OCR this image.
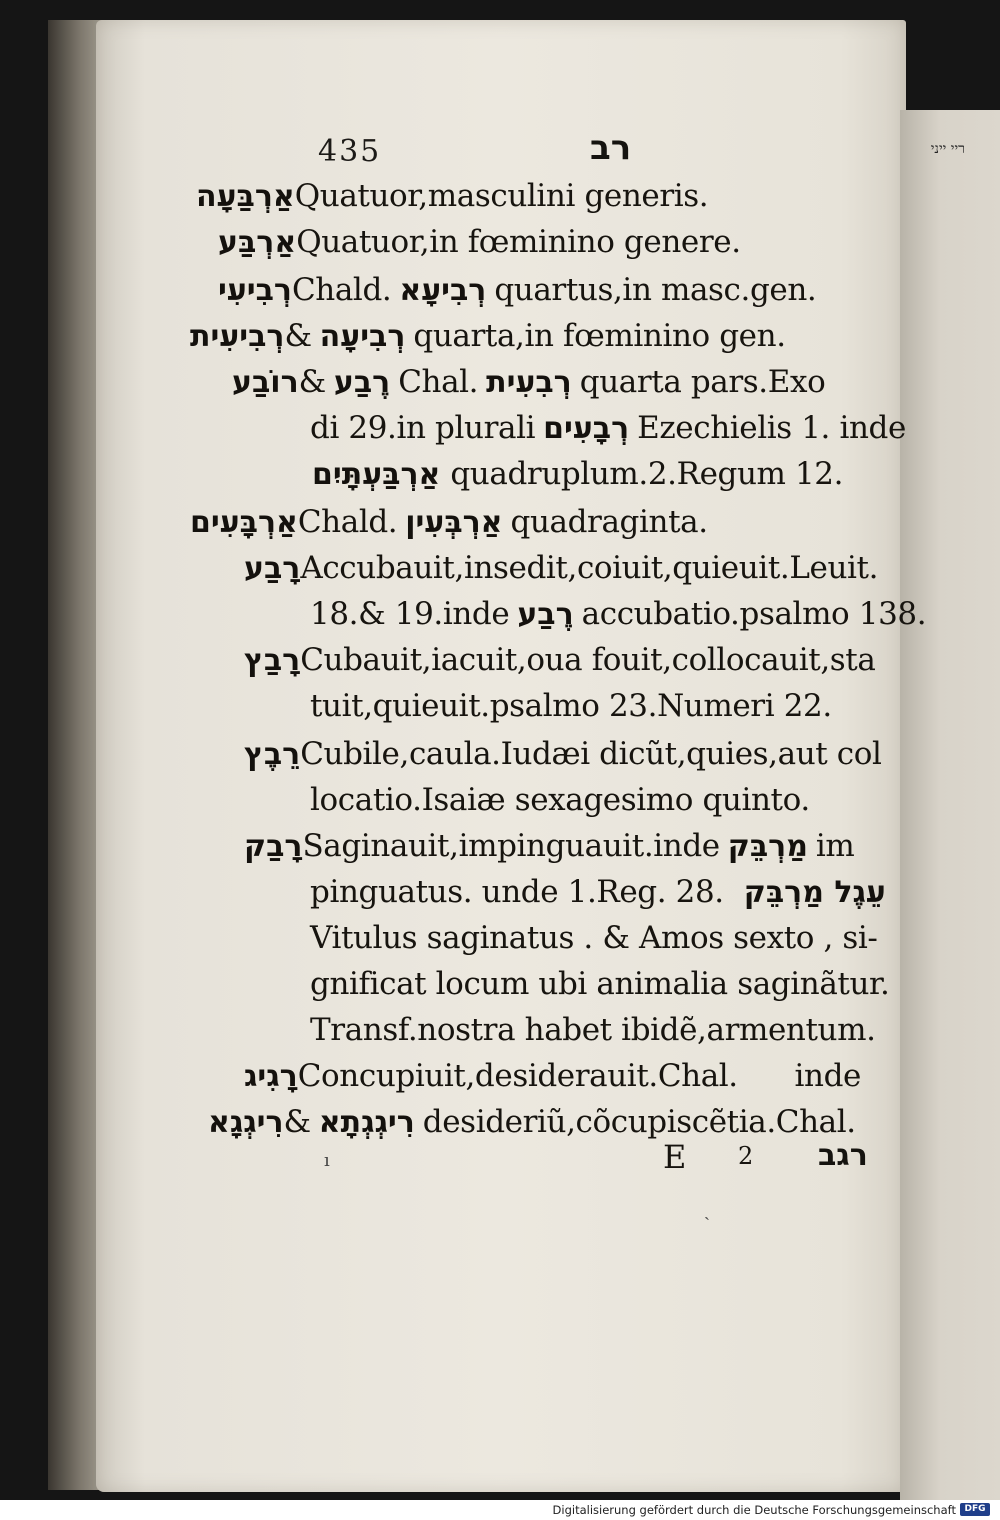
ריי ייני
435	רב
אַרְבַּעָה Quatuor,masculini generis.
אַרְבַּע Quatuor,in fœminino genere.
רְבִיעִי Chald. רְבִיעָא quartus,in masc.gen.
רְבִיעִית & רְבִיעָה quarta,in fœminino gen.
רוֹבַע & רֶבַע Chal. רְבִעִית quarta pars.Exo
di 29.in plurali רְבָעִים Ezechielis 1. inde
אַרְבַּעְתָּיִם quadruplum.2.Regum 12.
אַרְבָּעִים Chald. אַרְבְּעִין quadraginta.
רָבַע Accubauit,insedit,coiuit,quieuit.Leuit.
18.& 19.inde רֶבַע accubatio.psalmo 138.
רָבַץ Cubauit,iacuit,oua fouit,collocauit,sta
tuit,quieuit.psalmo 23.Numeri 22.
רֵבֶץ Cubile,caula.Iudæi dicũt,quies,aut col
locatio.Isaiæ sexagesimo quinto.
רָבַק Saginauit,impinguauit.inde מַרְבֵּק im
pinguatus. unde 1.Reg. 28. עֵגֶל מַרְבֵּק
Vitulus saginatus . & Amos sexto , si-
gnificat locum ubi animalia saginãtur.
Transf.nostra habet ibidẽ,armentum.
רָגִיג Concupiuit,desiderauit.Chal.      inde
רִיגְגָא & רִיגְגְתָא desideriũ,cõcupiscẽtia.Chal.
E 2 רגב
ı
ˏ
Digitalisierung gefördert durch die Deutsche Forschungsgemeinschaft DFG
